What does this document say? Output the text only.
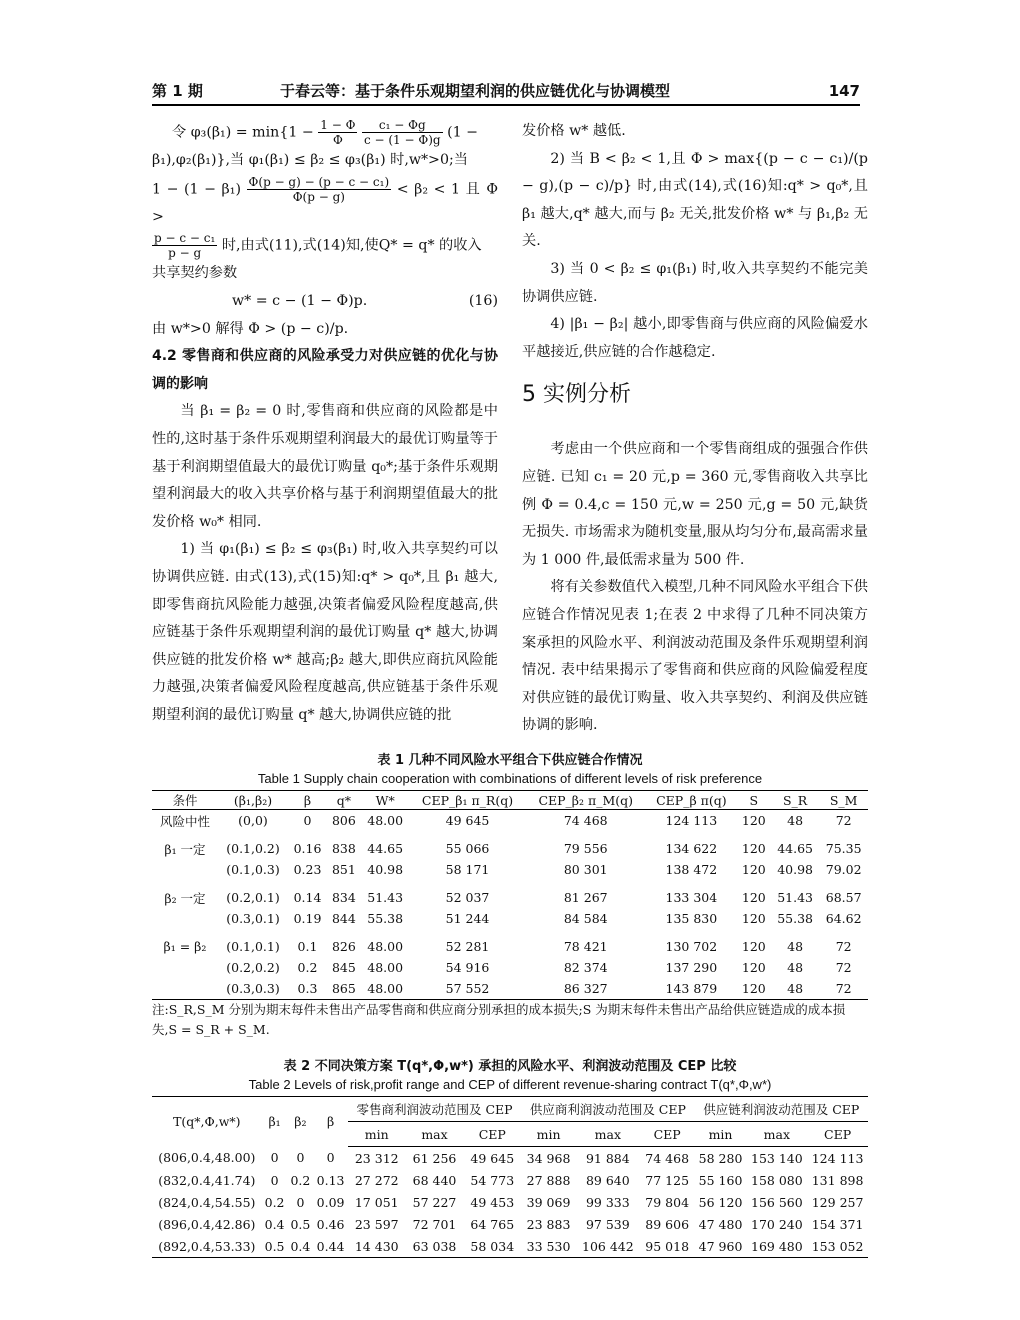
第 1 期	于春云等：基于条件乐观期望利润的供应链优化与协调模型	147

令 $\varphi_3(\beta_1) = \min\{1 - \frac{1 - \Phi}{\Phi}$
$\frac{\text{c₁ − Φg}}{c - (1 - \Phi)g} (1$ −

β₁),φ₂(β₁)},当 φ₁(β₁) ≤ β₂ ≤ φ₃(β₁) 时,w*>0;当

$1 - (1 - \beta_1) \frac{\text{Φ(p − g) − (p − c − c₁)}}{\Phi(p - g)} < \beta_2 < 1$ 且 Φ >

$\frac{\text{p − c − c₁}}{p - g}$ 时,由式(11),式(14)知,使Q* = q* 的收入

共享契约参数

w* = c − (1 − Φ)p.	(16)

由 w*>0 解得 Φ > (p − c)/p.

4.2 零售商和供应商的风险承受力对供应链的优化与协调的影响

当 β₁ = β₂ = 0 时,零售商和供应商的风险都是中性的,这时基于条件乐观期望利润最大的最优订购量等于基于利润期望值最大的最优订购量 q₀*;基于条件乐观期望利润最大的收入共享价格与基于利润期望值最大的批发价格 w₀* 相同.

1) 当 φ₁(β₁) ≤ β₂ ≤ φ₃(β₁) 时,收入共享契约可以协调供应链. 由式(13),式(15)知:q* > q₀*,且 β₁ 越大,即零售商抗风险能力越强,决策者偏爱风险程度越高,供应链基于条件乐观期望利润的最优订购量 q* 越大,协调供应链的批发价格 w* 越高;β₂ 越大,即供应商抗风险能力越强,决策者偏爱风险程度越高,供应链基于条件乐观期望利润的最优订购量 q* 越大,协调供应链的批

发价格 w* 越低.

2) 当 B < β₂ < 1,且 Φ > max{(p − c − c₁)/(p − g),(p − c)/p} 时,由式(14),式(16)知:q* > q₀*,且 β₁ 越大,q* 越大,而与 β₂ 无关,批发价格 w* 与 β₁,β₂ 无关.

3) 当 0 < β₂ ≤ φ₁(β₁) 时,收入共享契约不能完美协调供应链.

4) |β₁ − β₂| 越小,即零售商与供应商的风险偏爱水平越接近,供应链的合作越稳定.

5 实例分析

考虑由一个供应商和一个零售商组成的强强合作供应链. 已知 c₁ = 20 元,p = 360 元,零售商收入共享比例 Φ = 0.4,c = 150 元,w = 250 元,g = 50 元,缺货无损失. 市场需求为随机变量,服从均匀分布,最高需求量为 1 000 件,最低需求量为 500 件.

将有关参数值代入模型,几种不同风险水平组合下供应链合作情况见表 1;在表 2 中求得了几种不同决策方案承担的风险水平、利润波动范围及条件乐观期望利润情况. 表中结果揭示了零售商和供应商的风险偏爱程度对供应链的最优订购量、收入共享契约、利润及供应链协调的影响.

表 1 几种不同风险水平组合下供应链合作情况
Table 1 Supply chain cooperation with combinations of different levels of risk preference
条件	(β₁,β₂)	β	q*	W*	CEP_β₁ π_R(q)	CEP_β₂ π_M(q)	CEP_β π(q)	S	S_R	S_M
风险中性	(0,0)	0	806	48.00	49 645	74 468	124 113	120	48	72
β₁ 一定	(0.1,0.2)	0.16	838	44.65	55 066	79 556	134 622	120	44.65	75.35
	(0.1,0.3)	0.23	851	40.98	58 171	80 301	138 472	120	40.98	79.02
β₂ 一定	(0.2,0.1)	0.14	834	51.43	52 037	81 267	133 304	120	51.43	68.57
	(0.3,0.1)	0.19	844	55.38	51 244	84 584	135 830	120	55.38	64.62
β₁ = β₂	(0.1,0.1)	0.1	826	48.00	52 281	78 421	130 702	120	48	72
	(0.2,0.2)	0.2	845	48.00	54 916	82 374	137 290	120	48	72
	(0.3,0.3)	0.3	865	48.00	57 552	86 327	143 879	120	48	72
注:S_R,S_M 分别为期末每件未售出产品零售商和供应商分别承担的成本损失;S 为期末每件未售出产品给供应链造成的成本损失,S = S_R + S_M.
表 2 不同决策方案 T(q*,Φ,w*) 承担的风险水平、利润波动范围及 CEP 比较
Table 2 Levels of risk,profit range and CEP of different revenue-sharing contract T(q*,Φ,w*)
T(q*,Φ,w*)	β₁	β₂	β	零售商利润波动范围及 CEP			供应商利润波动范围及 CEP			供应链利润波动范围及 CEP		
				min	max	CEP	min	max	CEP	min	max	CEP
(806,0.4,48.00)	0	0	0	23 312	61 256	49 645	34 968	91 884	74 468	58 280	153 140	124 113
(832,0.4,41.74)	0	0.2	0.13	27 272	68 440	54 773	27 888	89 640	77 125	55 160	158 080	131 898
(824,0.4,54.55)	0.2	0	0.09	17 051	57 227	49 453	39 069	99 333	79 804	56 120	156 560	129 257
(896,0.4,42.86)	0.4	0.5	0.46	23 597	72 701	64 765	23 883	97 539	89 606	47 480	170 240	154 371
(892,0.4,53.33)	0.5	0.4	0.44	14 430	63 038	58 034	33 530	106 442	95 018	47 960	169 480	153 052
